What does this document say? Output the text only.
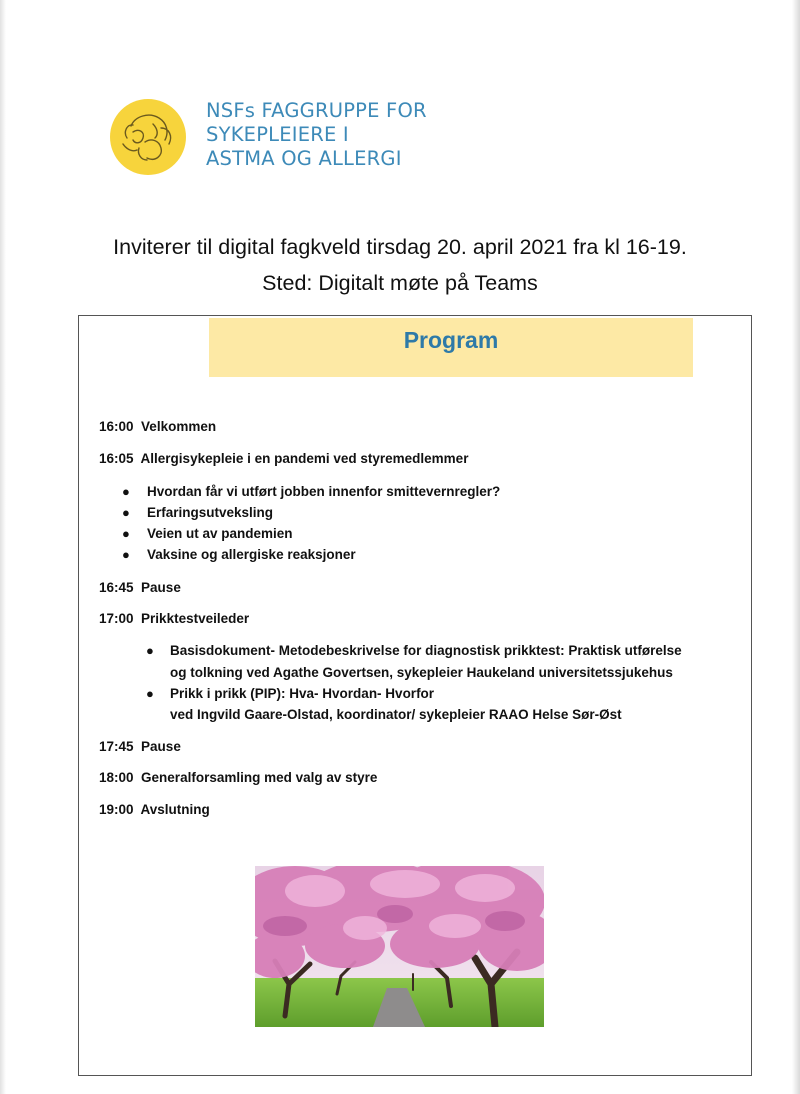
NSFs FAGGRUPPE FOR
SYKEPLEIERE I
ASTMA OG ALLERGI
Inviterer til digital fagkveld tirsdag 20. april 2021 fra kl 16-19.
Sted: Digitalt møte på Teams
Program
16:00 Velkommen
16:05 Allergisykepleie i en pandemi ved styremedlemmer
● Hvordan får vi utført jobben innenfor smittevernregler?
● Erfaringsutveksling
● Veien ut av pandemien
● Vaksine og allergiske reaksjoner
16:45 Pause
17:00 Prikktestveileder
● Basisdokument- Metodebeskrivelse for diagnostisk prikktest: Praktisk utførelse
og tolkning ved Agathe Govertsen, sykepleier Haukeland universitetssjukehus
● Prikk i prikk (PIP): Hva- Hvordan- Hvorfor
ved Ingvild Gaare-Olstad, koordinator/ sykepleier RAAO Helse Sør-Øst
17:45 Pause
18:00 Generalforsamling med valg av styre
19:00 Avslutning
